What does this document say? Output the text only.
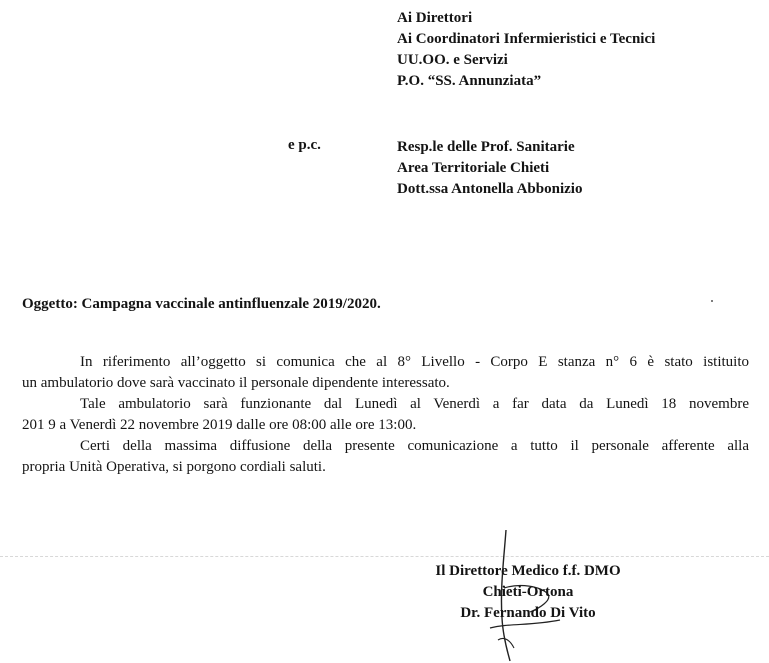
Ai Direttori
Ai Coordinatori Infermieristici e Tecnici
UU.OO. e Servizi
P.O. “SS. Annunziata”
e p.c.	Resp.le delle Prof. Sanitarie
Area Territoriale Chieti
Dott.ssa Antonella Abbonizio
Oggetto: Campagna vaccinale antinfluenzale 2019/2020.
In riferimento all’oggetto si comunica che al 8° Livello - Corpo E stanza n° 6 è stato istituito
un ambulatorio dove sarà vaccinato il personale dipendente interessato.
Tale ambulatorio sarà funzionante dal Lunedì al Venerdì a far data da Lunedì 18 novembre
201 9 a Venerdì 22 novembre 2019 dalle ore 08:00 alle ore 13:00.
Certi della massima diffusione della presente comunicazione a tutto il personale afferente alla
propria Unità Operativa, si porgono cordiali saluti.
Il Direttore Medico f.f. DMO
Chieti-Ortona
Dr. Fernando Di Vito
